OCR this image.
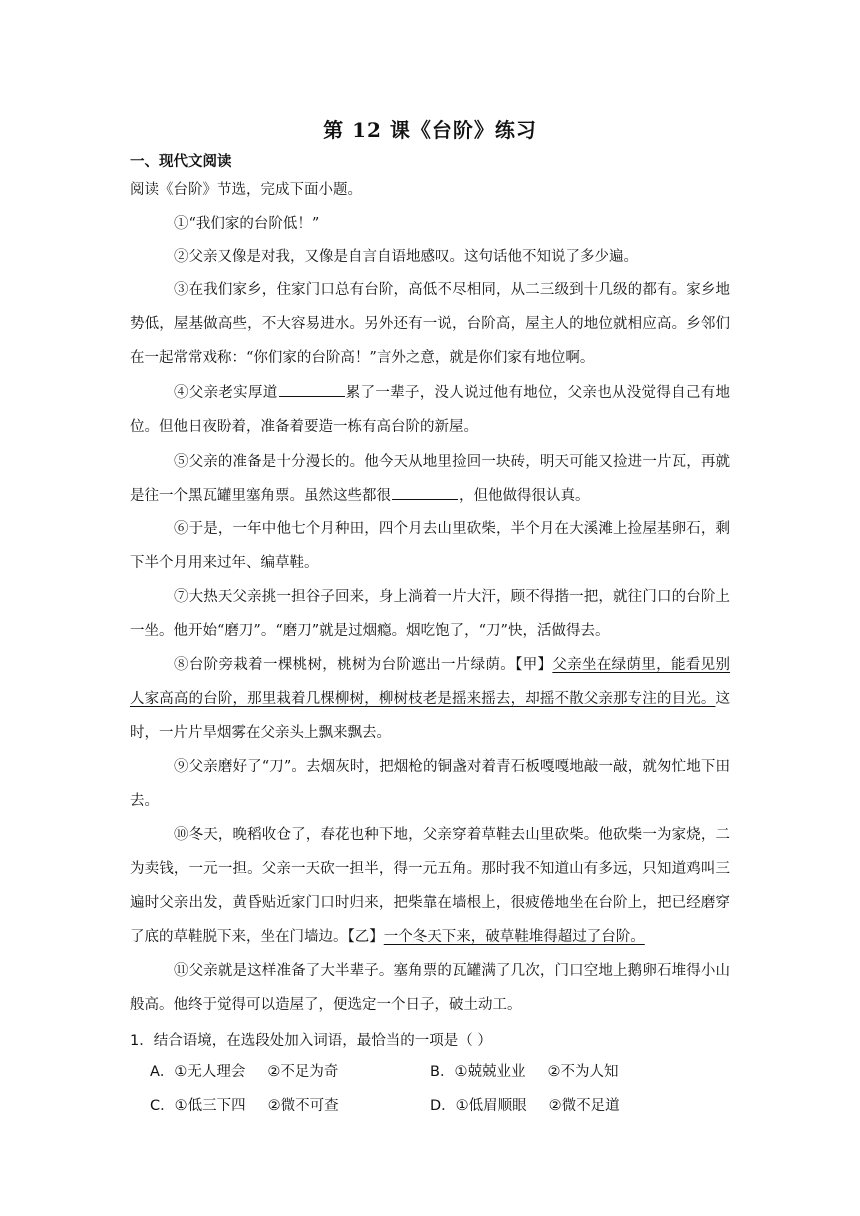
第 12 课《台阶》练习
一、现代文阅读
阅读《台阶》节选，完成下面小题。
①“我们家的台阶低！”
②父亲又像是对我，又像是自言自语地感叹。这句话他不知说了多少遍。
③在我们家乡，住家门口总有台阶，高低不尽相同，从二三级到十几级的都有。家乡地势低，屋基做高些，不大容易进水。另外还有一说，台阶高，屋主人的地位就相应高。乡邻们在一起常常戏称：“你们家的台阶高！”言外之意，就是你们家有地位啊。
④父亲老实厚道	累了一辈子，没人说过他有地位，父亲也从没觉得自己有地位。但他日夜盼着，准备着要造一栋有高台阶的新屋。
⑤父亲的准备是十分漫长的。他今天从地里捡回一块砖，明天可能又捡进一片瓦，再就是往一个黑瓦罐里塞角票。虽然这些都很	，但他做得很认真。
⑥于是，一年中他七个月种田，四个月去山里砍柴，半个月在大溪滩上捡屋基卵石，剩下半个月用来过年、编草鞋。
⑦大热天父亲挑一担谷子回来，身上淌着一片大汗，顾不得揩一把，就往门口的台阶上一坐。他开始“磨刀”。“磨刀”就是过烟瘾。烟吃饱了，“刀”快，活做得去。
⑧台阶旁栽着一棵桃树，桃树为台阶遮出一片绿荫。【甲】父亲坐在绿荫里，能看见别人家高高的台阶，那里栽着几棵柳树，柳树枝老是摇来摇去，却摇不散父亲那专注的目光。这时，一片片旱烟雾在父亲头上飘来飘去。
⑨父亲磨好了“刀”。去烟灰时，把烟枪的铜盏对着青石板嘎嘎地敲一敲，就匆忙地下田去。
⑩冬天，晚稻收仓了，春花也种下地，父亲穿着草鞋去山里砍柴。他砍柴一为家烧，二为卖钱，一元一担。父亲一天砍一担半，得一元五角。那时我不知道山有多远，只知道鸡叫三遍时父亲出发，黄昏贴近家门口时归来，把柴靠在墙根上，很疲倦地坐在台阶上，把已经磨穿了底的草鞋脱下来，坐在门墙边。【乙】一个冬天下来，破草鞋堆得超过了台阶。
⑪父亲就是这样准备了大半辈子。塞角票的瓦罐满了几次，门口空地上鹅卵石堆得小山般高。他终于觉得可以造屋了，便选定一个日子，破土动工。
1．结合语境，在选段处加入词语，最恰当的一项是（ ）
A．①无人理会 ②不足为奇	B．①兢兢业业 ②不为人知
C．①低三下四 ②微不可查	D．①低眉顺眼 ②微不足道
